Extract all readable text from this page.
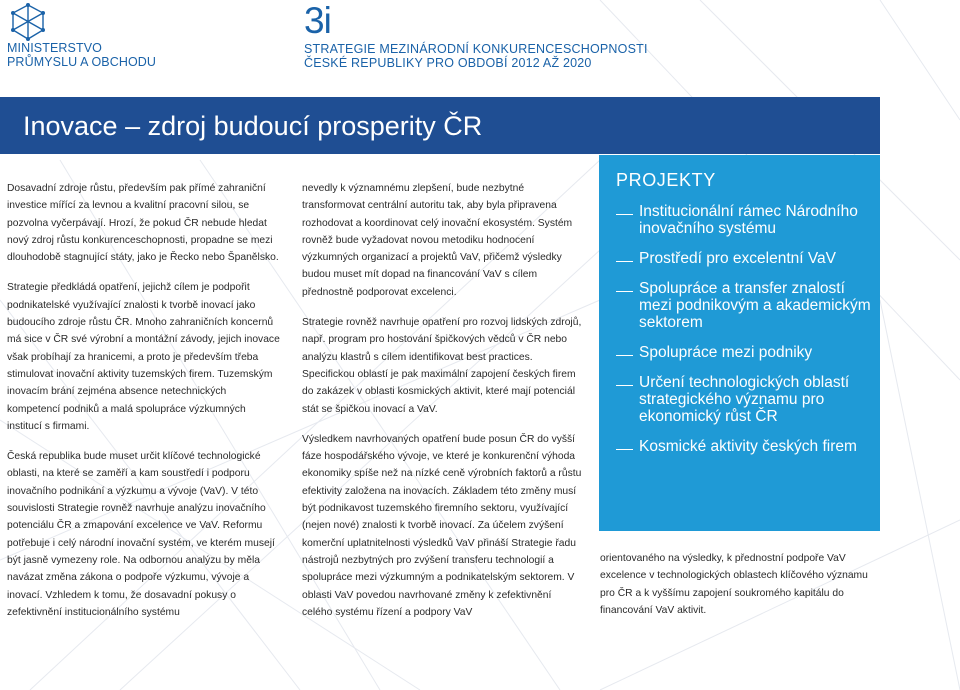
MINISTERSTVO
PRŮMYSLU A OBCHODU
3i
STRATEGIE MEZINÁRODNÍ KONKURENCESCHOPNOSTI
ČESKÉ REPUBLIKY PRO OBDOBÍ 2012 AŽ 2020
Inovace – zdroj budoucí prosperity ČR

Dosavadní zdroje růstu, především pak přímé zahraniční investice mířící za levnou a kvalitní pracovní silou, se pozvolna vyčerpávají. Hrozí, že pokud ČR nebude hledat nový zdroj růstu konkurenceschopnosti, propadne se mezi dlouhodobě stagnující státy, jako je Řecko nebo Španělsko.

Strategie předkládá opatření, jejichž cílem je podpořit podnikatelské využívající znalosti k tvorbě inovací jako budoucího zdroje růstu ČR. Mnoho zahraničních koncernů má sice v ČR své výrobní a montážní závody, jejich inovace však probíhají za hranicemi, a proto je především třeba stimulovat inovační aktivity tuzemských firem. Tuzemským inovacím brání zejména absence netechnických kompetencí podniků a malá spolupráce výzkumných institucí s firmami.

Česká republika bude muset určit klíčové technologické oblasti, na které se zaměří a kam soustředí i podporu inovačního podnikání a výzkumu a vývoje (VaV). V této souvislosti Strategie rovněž navrhuje analýzu inovačního potenciálu ČR a zmapování excelence ve VaV. Reformu potřebuje i celý národní inovační systém, ve kterém musejí být jasně vymezeny role. Na odbornou analýzu by měla navázat změna zákona o podpoře výzkumu, vývoje a inovací. Vzhledem k tomu, že dosavadní pokusy o zefektivnění institucionálního systému

nevedly k významnému zlepšení, bude nezbytné transformovat centrální autoritu tak, aby byla připravena rozhodovat a koordinovat celý inovační ekosystém. Systém rovněž bude vyžadovat novou metodiku hodnocení výzkumných organizací a projektů VaV, přičemž výsledky budou muset mít dopad na financování VaV s cílem přednostně podporovat excelenci.

Strategie rovněž navrhuje opatření pro rozvoj lidských zdrojů, např. program pro hostování špičkových vědců v ČR nebo analýzu klastrů s cílem identifikovat best practices. Specifickou oblastí je pak maximální zapojení českých firem do zakázek v oblasti kosmických aktivit, které mají potenciál stát se špičkou inovací a VaV.

Výsledkem navrhovaných opatření bude posun ČR do vyšší fáze hospodářského vývoje, ve které je konkurenční výhoda ekonomiky spíše než na nízké ceně výrobních faktorů a růstu efektivity založena na inovacích. Základem této změny musí být podnikavost tuzemského firemního sektoru, využívající (nejen nové) znalosti k tvorbě inovací. Za účelem zvýšení komerční uplatnitelnosti výsledků VaV přináší Strategie řadu nástrojů nezbytných pro zvýšení transferu technologií a spolupráce mezi výzkumným a podnikatelským sektorem. V oblasti VaV povedou navrhované změny k zefektivnění celého systému řízení a podpory VaV

PROJEKTY
Institucionální rámec Národního inovačního systému
Prostředí pro excelentní VaV
Spolupráce a transfer znalostí mezi podnikovým a akademickým sektorem
Spolupráce mezi podniky
Určení technologických oblastí strategického významu pro ekonomický růst ČR
Kosmické aktivity českých firem

orientovaného na výsledky, k přednostní podpoře VaV excelence v technologických oblastech klíčového významu pro ČR a k vyššímu zapojení soukromého kapitálu do financování VaV aktivit.
